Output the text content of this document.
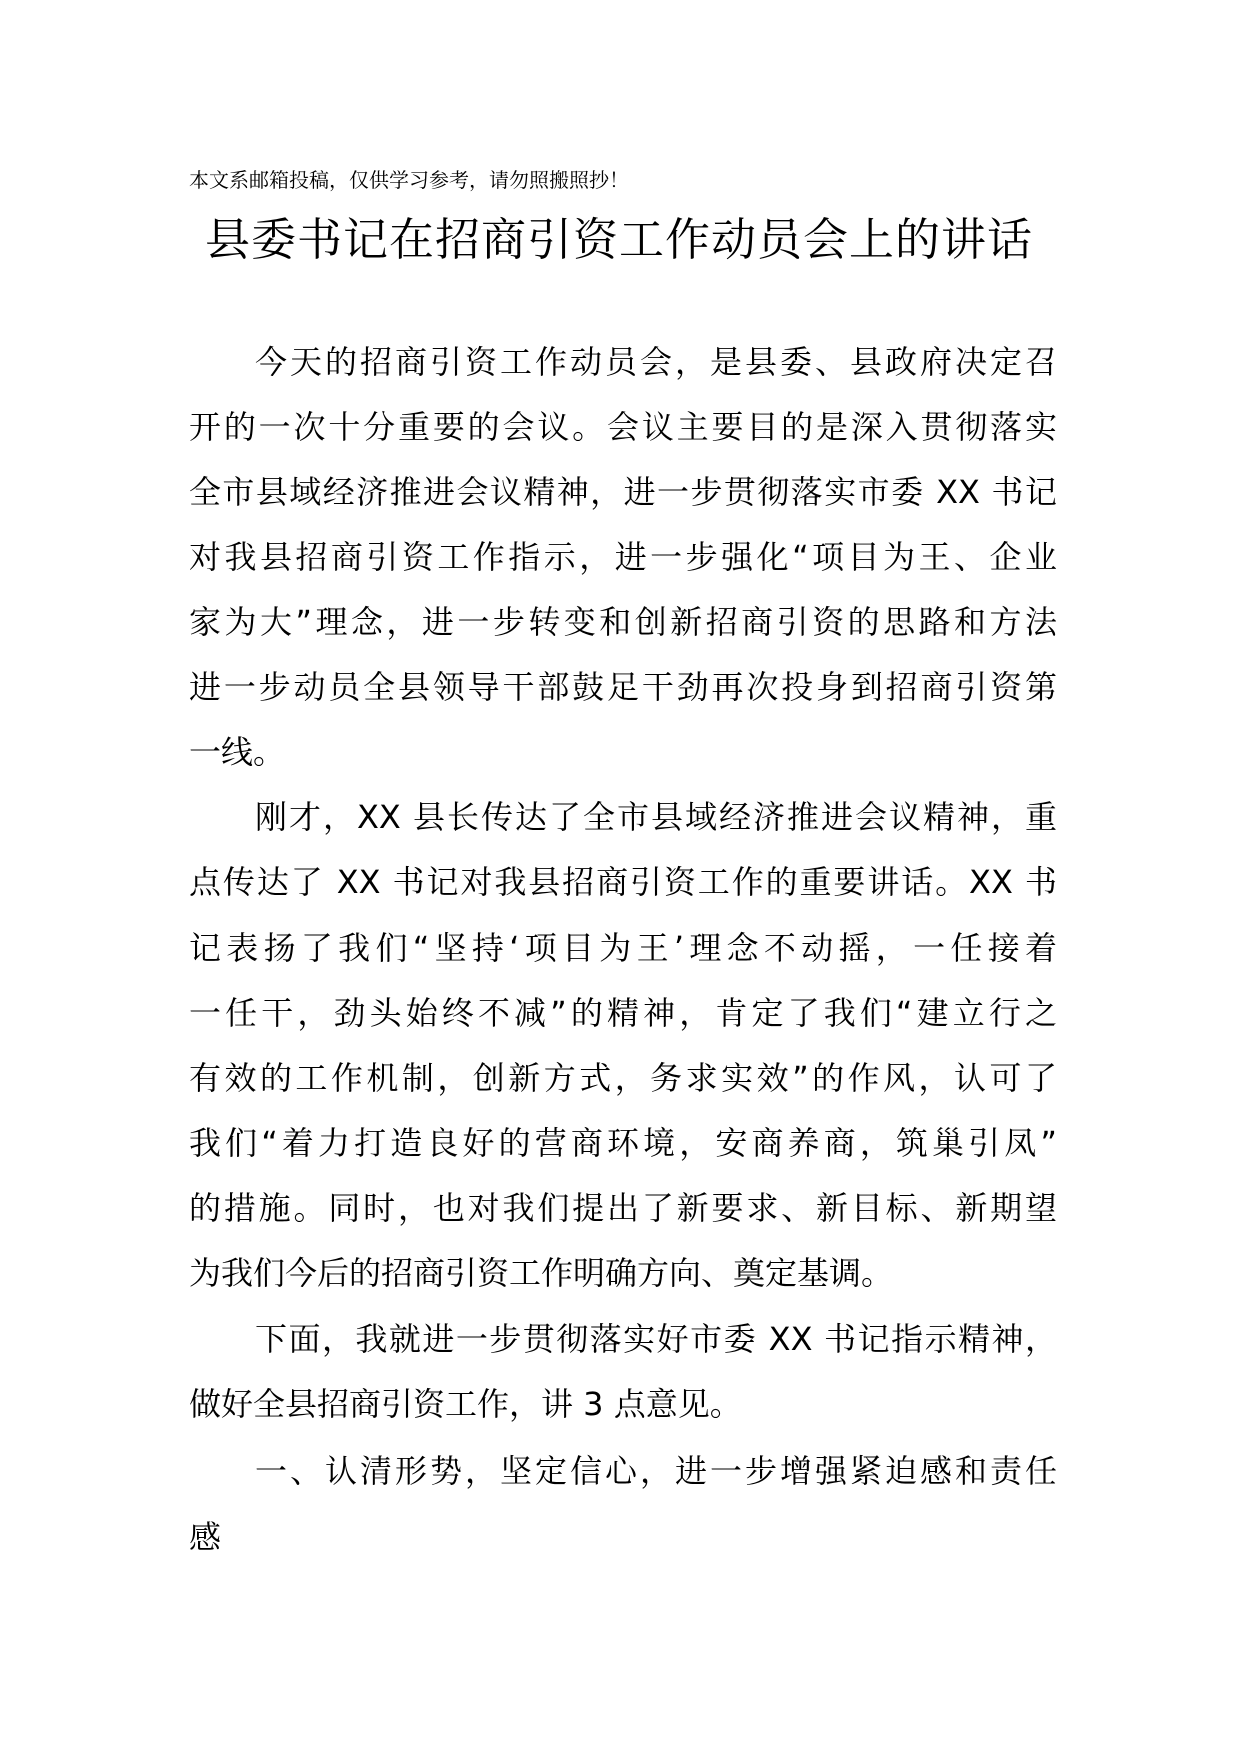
本文系邮箱投稿，仅供学习参考，请勿照搬照抄！
县委书记在招商引资工作动员会上的讲话
今天的招商引资工作动员会，是县委、县政府决定召
开的一次十分重要的会议。会议主要目的是深入贯彻落实
全市县域经济推进会议精神，进一步贯彻落实市委 XX 书记
对我县招商引资工作指示，进一步强化“项目为王、企业
家为大”理念，进一步转变和创新招商引资的思路和方法
进一步动员全县领导干部鼓足干劲再次投身到招商引资第
一线。
刚才，XX 县长传达了全市县域经济推进会议精神，重
点传达了 XX 书记对我县招商引资工作的重要讲话。XX 书
记表扬了我们“坚持‘项目为王’理念不动摇，一任接着
一任干，劲头始终不减”的精神，肯定了我们“建立行之
有效的工作机制，创新方式，务求实效”的作风，认可了
我们“着力打造良好的营商环境，安商养商，筑巢引凤”
的措施。同时，也对我们提出了新要求、新目标、新期望
为我们今后的招商引资工作明确方向、奠定基调。
下面，我就进一步贯彻落实好市委 XX 书记指示精神，
做好全县招商引资工作，讲 3 点意见。
一、认清形势，坚定信心，进一步增强紧迫感和责任
感
